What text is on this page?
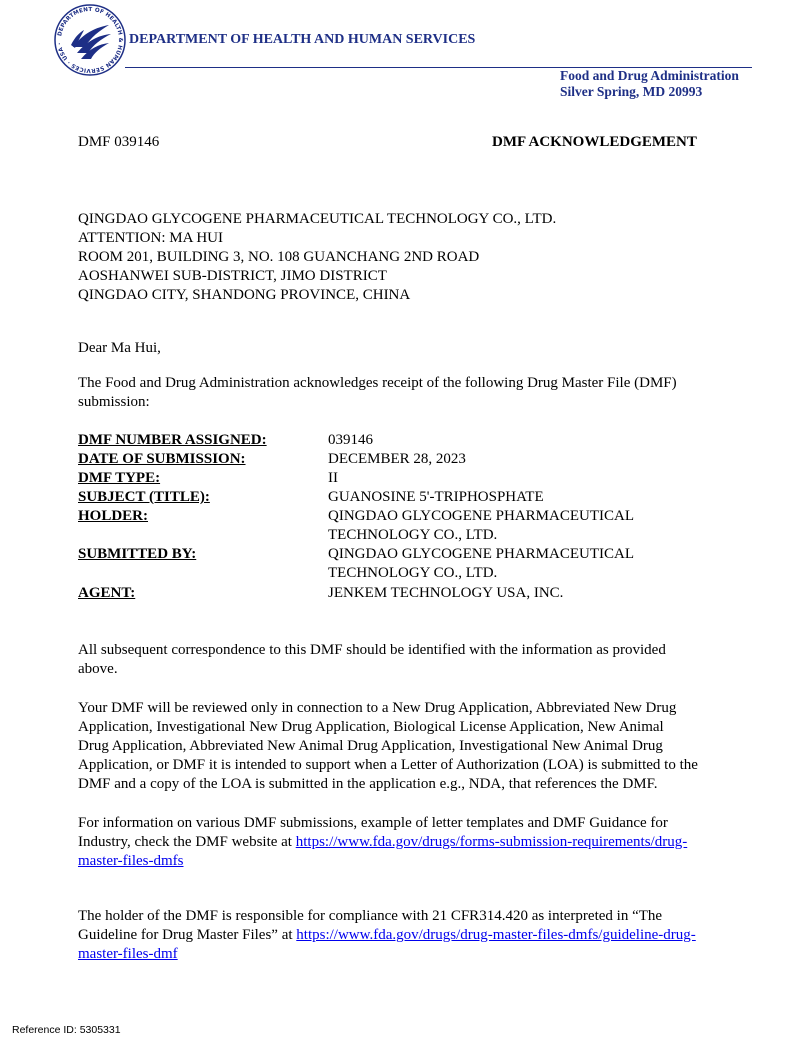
DEPARTMENT OF HEALTH & HUMAN SERVICES · USA ·	DEPARTMENT OF HEALTH AND HUMAN SERVICES
Food and Drug Administration
Silver Spring, MD 20993
DMF 039146	DMF ACKNOWLEDGEMENT
QINGDAO GLYCOGENE PHARMACEUTICAL TECHNOLOGY CO., LTD.
ATTENTION: MA HUI
ROOM 201, BUILDING 3, NO. 108 GUANCHANG 2ND ROAD
AOSHANWEI SUB-DISTRICT, JIMO DISTRICT
QINGDAO CITY, SHANDONG PROVINCE, CHINA
Dear Ma Hui,
The Food and Drug Administration acknowledges receipt of the following Drug Master File (DMF)
submission:
DMF NUMBER ASSIGNED:	039146
DATE OF SUBMISSION:	DECEMBER 28, 2023
DMF TYPE:	II
SUBJECT (TITLE):	GUANOSINE 5'-TRIPHOSPHATE
HOLDER:	QINGDAO GLYCOGENE PHARMACEUTICAL
TECHNOLOGY CO., LTD.
SUBMITTED BY:	QINGDAO GLYCOGENE PHARMACEUTICAL
TECHNOLOGY CO., LTD.
AGENT:	JENKEM TECHNOLOGY USA, INC.
All subsequent correspondence to this DMF should be identified with the information as provided
above.
Your DMF will be reviewed only in connection to a New Drug Application, Abbreviated New Drug
Application, Investigational New Drug Application, Biological License Application, New Animal
Drug Application, Abbreviated New Animal Drug Application, Investigational New Animal Drug
Application, or DMF it is intended to support when a Letter of Authorization (LOA) is submitted to the
DMF and a copy of the LOA is submitted in the application e.g., NDA, that references the DMF.
For information on various DMF submissions, example of letter templates and DMF Guidance for
Industry, check the DMF website at https://www.fda.gov/drugs/forms-submission-requirements/drug-
master-files-dmfs
The holder of the DMF is responsible for compliance with 21 CFR314.420 as interpreted in “The
Guideline for Drug Master Files” at https://www.fda.gov/drugs/drug-master-files-dmfs/guideline-drug-
master-files-dmf
Reference ID: 5305331
